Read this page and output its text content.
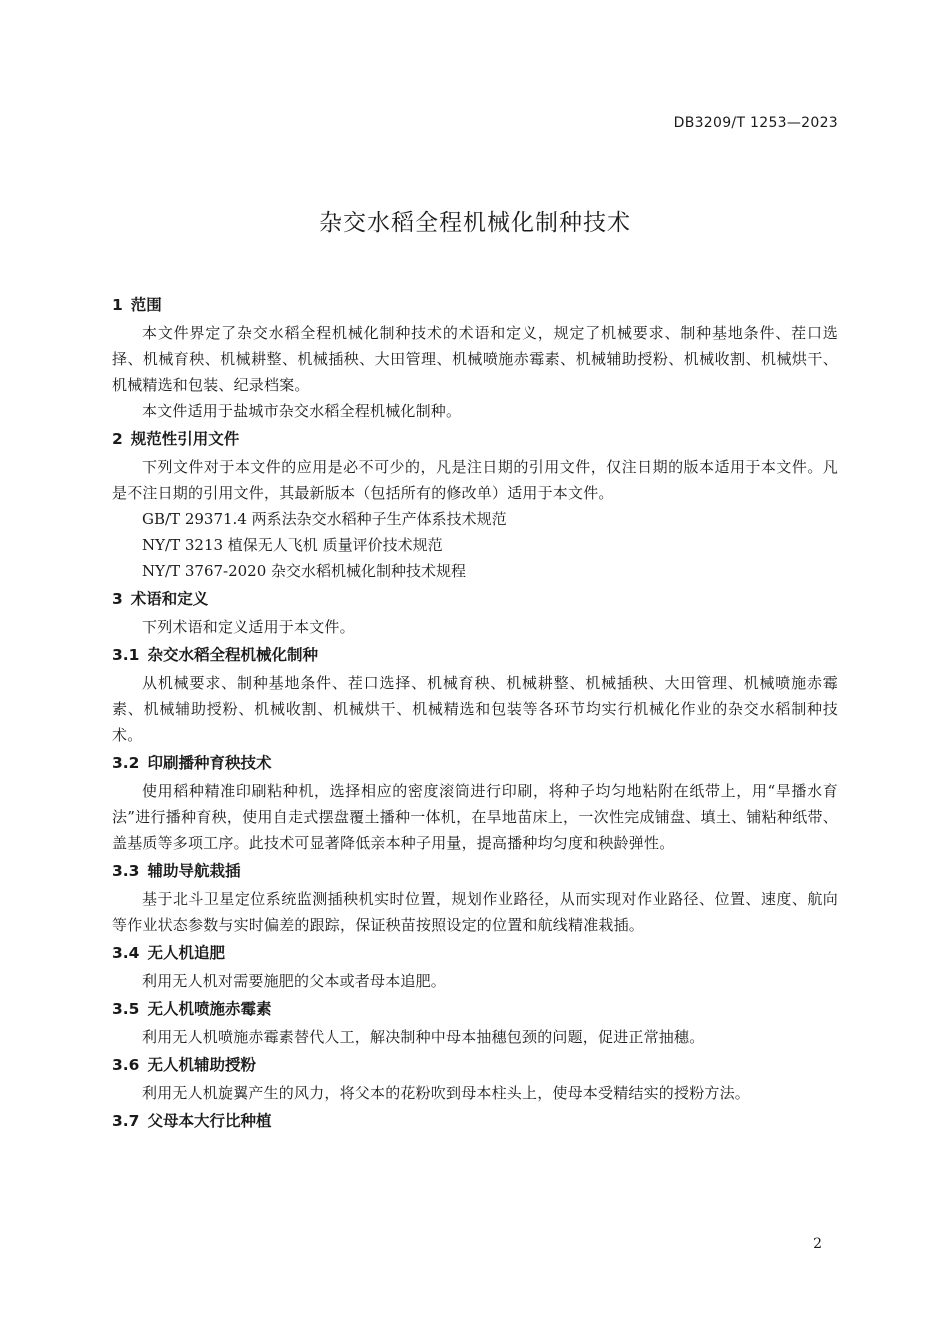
DB3209/T 1253—2023
杂交水稻全程机械化制种技术
1 范围

本文件界定了杂交水稻全程机械化制种技术的术语和定义，规定了机械要求、制种基地条件、茬口选择、机械育秧、机械耕整、机械插秧、大田管理、机械喷施赤霉素、机械辅助授粉、机械收割、机械烘干、机械精选和包装、纪录档案。

本文件适用于盐城市杂交水稻全程机械化制种。

2 规范性引用文件

下列文件对于本文件的应用是必不可少的，凡是注日期的引用文件，仅注日期的版本适用于本文件。凡是不注日期的引用文件，其最新版本（包括所有的修改单）适用于本文件。

GB/T 29371.4 两系法杂交水稻种子生产体系技术规范

NY/T 3213 植保无人飞机 质量评价技术规范

NY/T 3767-2020 杂交水稻机械化制种技术规程

3 术语和定义

下列术语和定义适用于本文件。

3.1 杂交水稻全程机械化制种

从机械要求、制种基地条件、茬口选择、机械育秧、机械耕整、机械插秧、大田管理、机械喷施赤霉素、机械辅助授粉、机械收割、机械烘干、机械精选和包装等各环节均实行机械化作业的杂交水稻制种技术。

3.2 印刷播种育秧技术

使用稻种精准印刷粘种机，选择相应的密度滚筒进行印刷，将种子均匀地粘附在纸带上，用“旱播水育法”进行播种育秧，使用自走式摆盘覆土播种一体机，在旱地苗床上，一次性完成铺盘、填土、铺粘种纸带、盖基质等多项工序。此技术可显著降低亲本种子用量，提高播种均匀度和秧龄弹性。

3.3 辅助导航栽插

基于北斗卫星定位系统监测插秧机实时位置，规划作业路径，从而实现对作业路径、位置、速度、航向等作业状态参数与实时偏差的跟踪，保证秧苗按照设定的位置和航线精准栽插。

3.4 无人机追肥

利用无人机对需要施肥的父本或者母本追肥。

3.5 无人机喷施赤霉素

利用无人机喷施赤霉素替代人工，解决制种中母本抽穗包颈的问题，促进正常抽穗。

3.6 无人机辅助授粉

利用无人机旋翼产生的风力，将父本的花粉吹到母本柱头上，使母本受精结实的授粉方法。

3.7 父母本大行比种植
2
